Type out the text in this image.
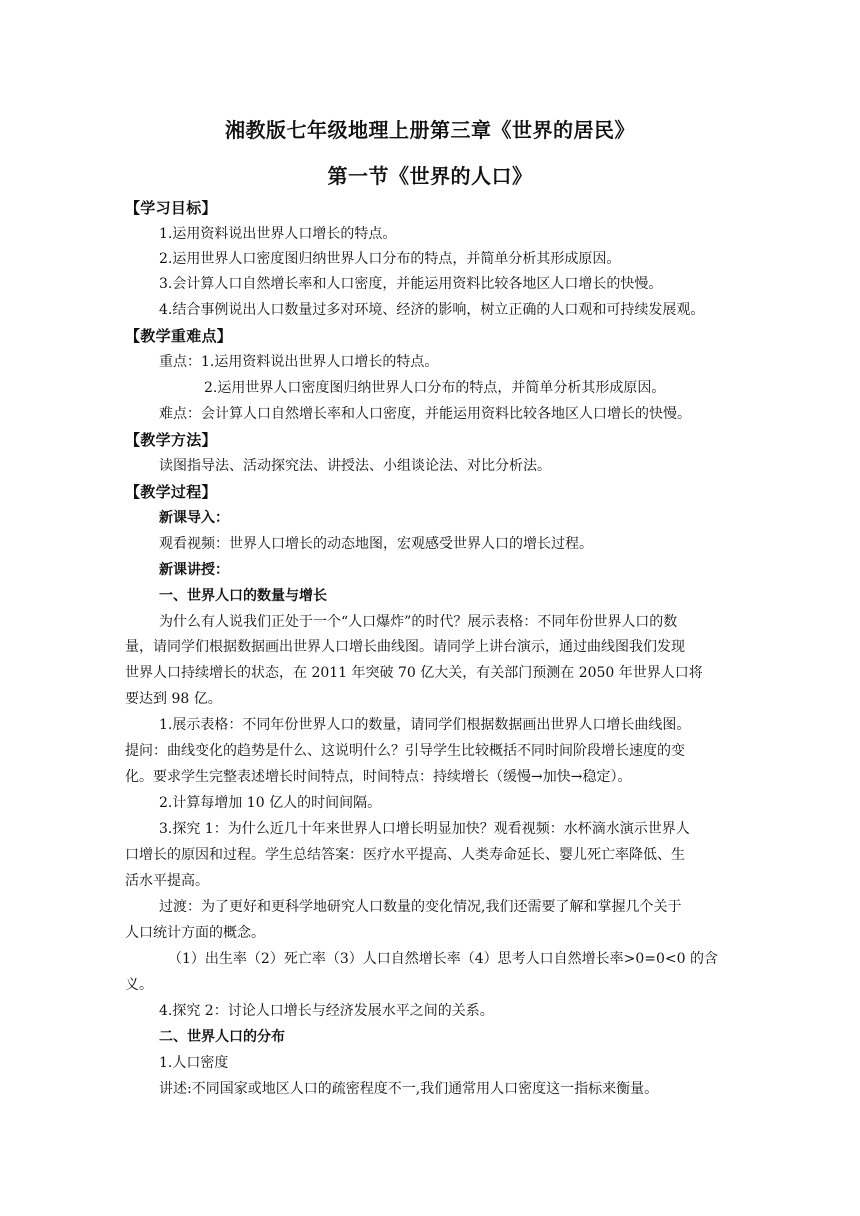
湘教版七年级地理上册第三章《世界的居民》
第一节《世界的人口》
【学习目标】
1.运用资料说出世界人口增长的特点。
2.运用世界人口密度图归纳世界人口分布的特点，并简单分析其形成原因。
3.会计算人口自然增长率和人口密度，并能运用资料比较各地区人口增长的快慢。
4.结合事例说出人口数量过多对环境、经济的影响，树立正确的人口观和可持续发展观。
【教学重难点】
重点：1.运用资料说出世界人口增长的特点。
2.运用世界人口密度图归纳世界人口分布的特点，并简单分析其形成原因。
难点：会计算人口自然增长率和人口密度，并能运用资料比较各地区人口增长的快慢。
【教学方法】
读图指导法、活动探究法、讲授法、小组谈论法、对比分析法。
【教学过程】
新课导入：
观看视频：世界人口增长的动态地图，宏观感受世界人口的增长过程。
新课讲授：
一、世界人口的数量与增长
为什么有人说我们正处于一个“人口爆炸”的时代？展示表格：不同年份世界人口的数
量，请同学们根据数据画出世界人口增长曲线图。请同学上讲台演示，通过曲线图我们发现
世界人口持续增长的状态，在 2011 年突破 70 亿大关，有关部门预测在 2050 年世界人口将
要达到 98 亿。
1.展示表格：不同年份世界人口的数量，请同学们根据数据画出世界人口增长曲线图。
提问：曲线变化的趋势是什么、这说明什么？引导学生比较概括不同时间阶段增长速度的变
化。要求学生完整表述增长时间特点，时间特点：持续增长（缓慢→加快→稳定）。
2.计算每增加 10 亿人的时间间隔。
3.探究 1：为什么近几十年来世界人口增长明显加快？观看视频：水杯滴水演示世界人
口增长的原因和过程。学生总结答案：医疗水平提高、人类寿命延长、婴儿死亡率降低、生
活水平提高。
过渡：为了更好和更科学地研究人口数量的变化情况,我们还需要了解和掌握几个关于
人口统计方面的概念。
（1）出生率（2）死亡率（3）人口自然增长率（4）思考人口自然增长率>0=0<0 的含
义。
4.探究 2：讨论人口增长与经济发展水平之间的关系。
二、世界人口的分布
1.人口密度
讲述:不同国家或地区人口的疏密程度不一,我们通常用人口密度这一指标来衡量。
